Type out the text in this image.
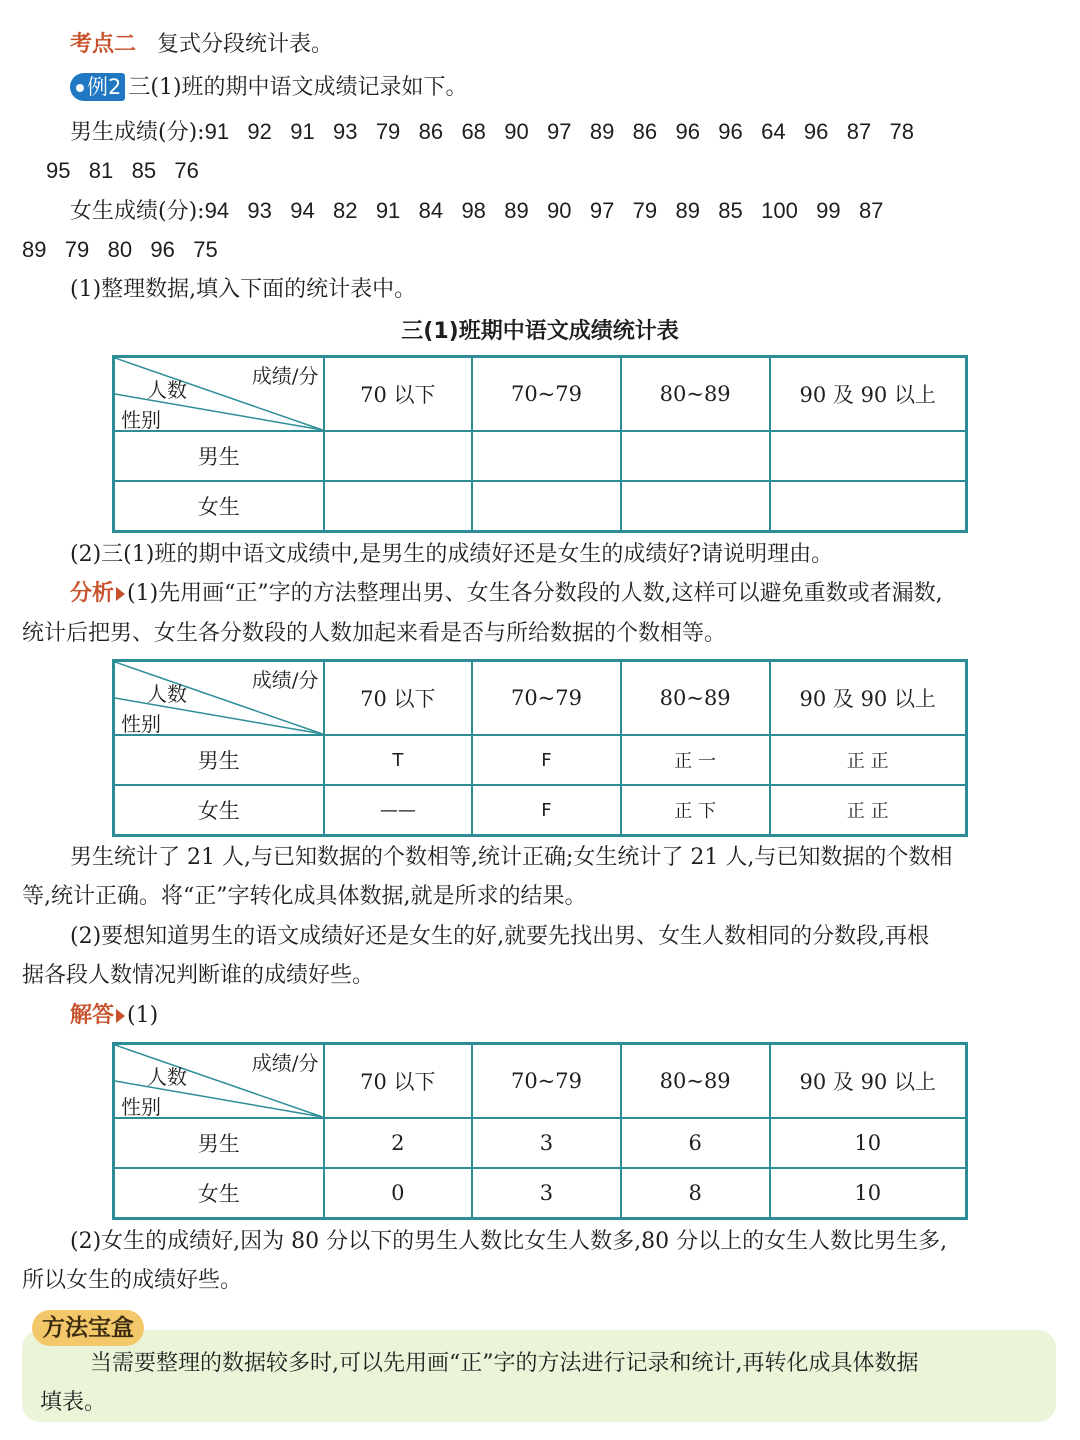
考点二 复式分段统计表。
例2 三(1)班的期中语文成绩记录如下。
男生成绩(分):91   92   91   93   79   86   68   90   97   89   86   96   96   64   96   87   78
95   81   85   76
女生成绩(分):94   93   94   82   91   84   98   89   90   97   79   89   85   100   99   87
89   79   80   96   75
(1)整理数据,填入下面的统计表中。
三(1)班期中语文成绩统计表
成绩/分
人数
性别	70 以下	70~79	80~89	90 及 90 以上
男生				
女生				
(2)三(1)班的期中语文成绩中,是男生的成绩好还是女生的成绩好?请说明理由。
分析 (1)先用画“正”字的方法整理出男、女生各分数段的人数,这样可以避免重数或者漏数,
统计后把男、女生各分数段的人数加起来看是否与所给数据的个数相等。
成绩/分
人数
性别	70 以下	70~79	80~89	90 及 90 以上
男生	T	F	正 一	正 正
女生	——	F	正 下	正 正
男生统计了 21 人,与已知数据的个数相等,统计正确;女生统计了 21 人,与已知数据的个数相
等,统计正确。将“正”字转化成具体数据,就是所求的结果。
(2)要想知道男生的语文成绩好还是女生的好,就要先找出男、女生人数相同的分数段,再根
据各段人数情况判断谁的成绩好些。
解答 (1)
成绩/分
人数
性别	70 以下	70~79	80~89	90 及 90 以上
男生	2	3	6	10
女生	0	3	8	10
(2)女生的成绩好,因为 80 分以下的男生人数比女生人数多,80 分以上的女生人数比男生多,
所以女生的成绩好些。
方法宝盒
当需要整理的数据较多时,可以先用画“正”字的方法进行记录和统计,再转化成具体数据
填表。
